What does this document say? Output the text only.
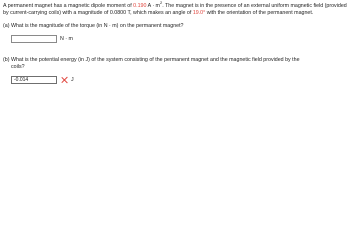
A permanent magnet has a magnetic dipole moment of 0.190 $A \cdot m^2$. The magnet is in the presence of an external uniform magnetic field (provided by current-carrying coils) with a magnitude of 0.0800 T, which makes an angle of 19.0° with the orientation of the permanent magnet.
(a) What is the magnitude of the torque (in N · m) on the permanent magnet?
N · m
(b) What is the potential energy (in J) of the system consisting of the permanent magnet and the magnetic field provided by the
coils?
-0.014
J
